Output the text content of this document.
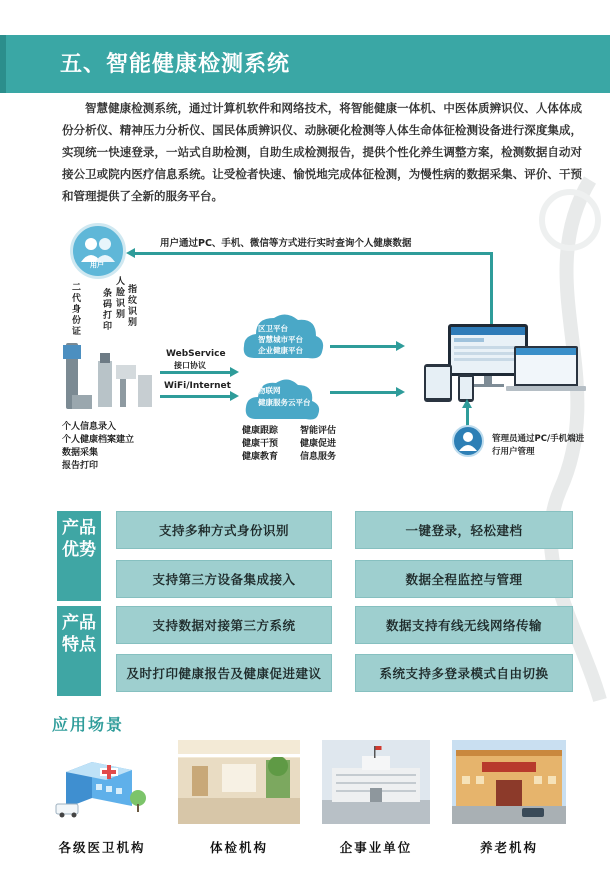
五、智能健康检测系统
智慧健康检测系统，通过计算机软件和网络技术，将智能健康一体机、中医体质辨识仪、人体体成份分析仪、精神压力分析仪、国民体质辨识仪、动脉硬化检测等人体生命体征检测设备进行深度集成，实现统一快速登录，一站式自助检测，自助生成检测报告，提供个性化养生调整方案，检测数据自动对接公卫或院内医疗信息系统。让受检者快速、愉悦地完成体征检测，为慢性病的数据采集、评价、干预和管理提供了全新的服务平台。
用户通过PC、手机、微信等方式进行实时查询个人健康数据
用户
二代身份证
条码打印
人脸识别
指纹识别
个人信息录入
个人健康档案建立
数据采集
报告打印
WebService
接口协议
WiFi/Internet
区卫平台
智慧城市平台
企业健康平台
物联网
健康服务云平台
健康跟踪
健康干预
健康教育
智能评估
健康促进
信息服务
管理员通过PC/手机端进行用户管理
产品优势
产品特点
支持多种方式身份识别	一键登录，轻松建档
支持第三方设备集成接入	数据全程监控与管理
支持数据对接第三方系统	数据支持有线无线网络传输
及时打印健康报告及健康促进建议	系统支持多登录模式自由切换
应用场景
各级医卫机构	体检机构	企事业单位	养老机构
